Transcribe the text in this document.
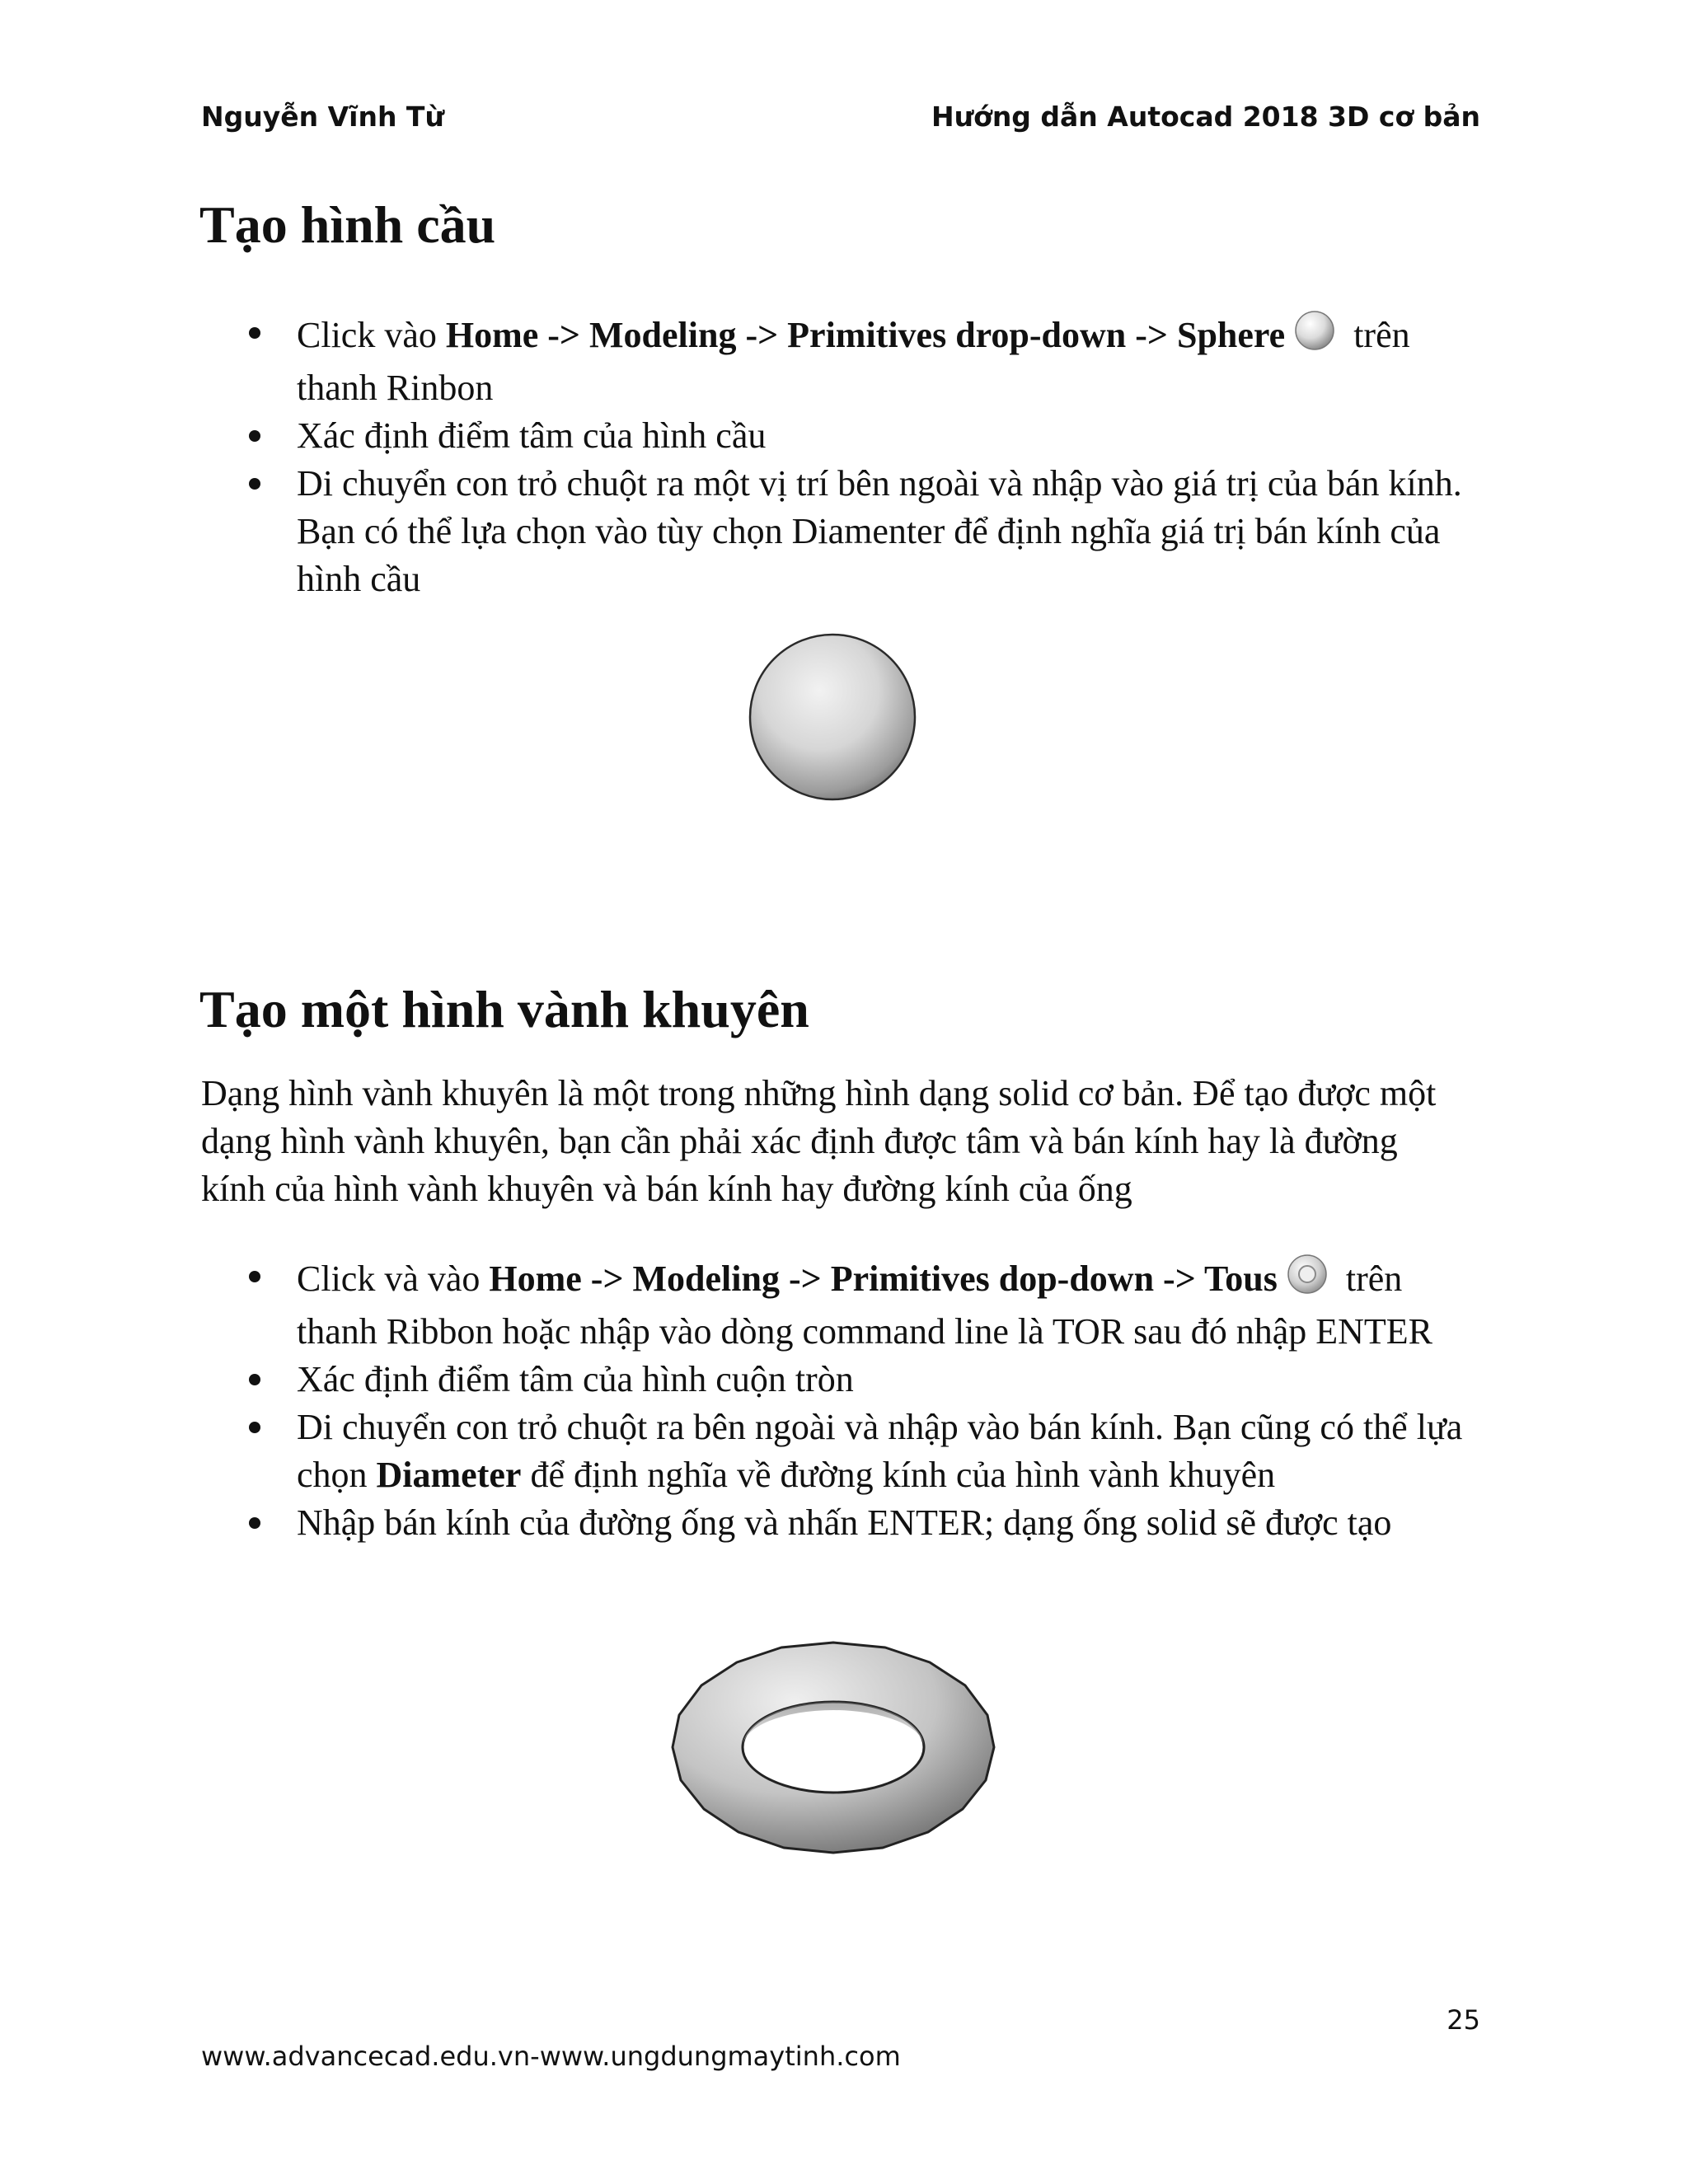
Nguyễn Vĩnh Từ	Hướng dẫn Autocad 2018 3D cơ bản
Tạo hình cầu
Click vào Home -> Modeling -> Primitives drop-down -> Sphere trên thanh Rinbon
Xác định điểm tâm của hình cầu
Di chuyển con trỏ chuột ra một vị trí bên ngoài và nhập vào giá trị của bán kính. Bạn có thể lựa chọn vào tùy chọn Diamenter để định nghĩa giá trị bán kính của hình cầu
Tạo một hình vành khuyên

Dạng hình vành khuyên là một trong những hình dạng solid cơ bản. Để tạo được một dạng hình vành khuyên, bạn cần phải xác định được tâm và bán kính hay là đường kính của hình vành khuyên và bán kính hay đường kính của ống

Click và vào Home -> Modeling -> Primitives dop-down -> Tous trên thanh Ribbon hoặc nhập vào dòng command line là TOR sau đó nhập ENTER
Xác định điểm tâm của hình cuộn tròn
Di chuyển con trỏ chuột ra bên ngoài và nhập vào bán kính. Bạn cũng có thể lựa chọn Diameter để định nghĩa về đường kính của hình vành khuyên
Nhập bán kính của đường ống và nhấn ENTER; dạng ống solid sẽ được tạo
25
www.advancecad.edu.vn-www.ungdungmaytinh.com
